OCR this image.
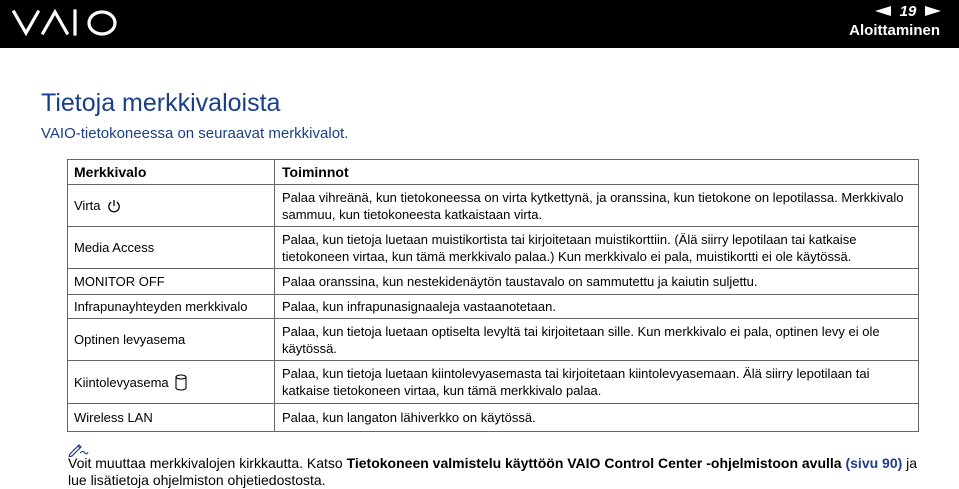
19
Aloittaminen
Tietoja merkkivaloista

VAIO-tietokoneessa on seuraavat merkkivalot.

Merkkivalo	Toiminnot

Virta	Palaa vihreänä, kun tietokoneessa on virta kytkettynä, ja oranssina, kun tietokone on lepotilassa. Merkkivalo sammuu, kun tietokoneesta katkaistaan virta.
Media Access	Palaa, kun tietoja luetaan muistikortista tai kirjoitetaan muistikorttiin. (Älä siirry lepotilaan tai katkaise tietokoneen virtaa, kun tämä merkkivalo palaa.) Kun merkkivalo ei pala, muistikortti ei ole käytössä.
MONITOR OFF	Palaa oranssina, kun nestekidenäytön taustavalo on sammutettu ja kaiutin suljettu.
Infrapunayhteyden merkkivalo	Palaa, kun infrapunasignaaleja vastaanotetaan.
Optinen levyasema	Palaa, kun tietoja luetaan optiselta levyltä tai kirjoitetaan sille. Kun merkkivalo ei pala, optinen levy ei ole käytössä.

Kiintolevyasema	Palaa, kun tietoja luetaan kiintolevyasemasta tai kirjoitetaan kiintolevyasemaan. Älä siirry lepotilaan tai katkaise tietokoneen virtaa, kun tämä merkkivalo palaa.
Wireless LAN	Palaa, kun langaton lähiverkko on käytössä.

Voit muuttaa merkkivalojen kirkkautta. Katso Tietokoneen valmistelu käyttöön VAIO Control Center -ohjelmistoon avulla (sivu 90) ja lue lisätietoja ohjelmiston ohjetiedostosta.
